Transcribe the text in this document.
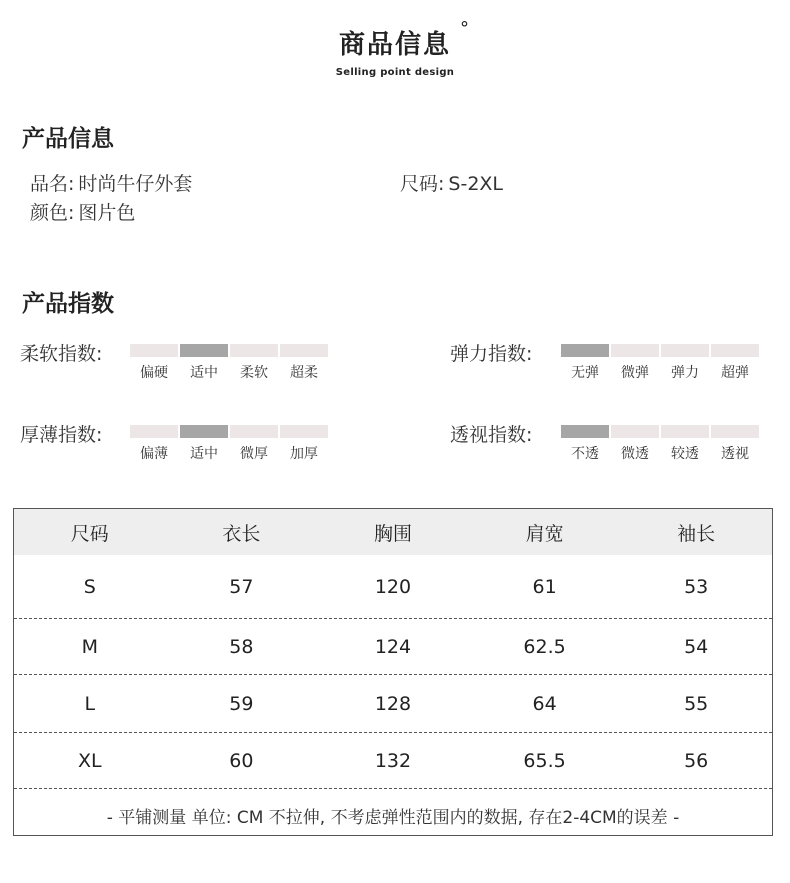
商品信息
°
Selling point design
产品信息
品名: 时尚牛仔外套	尺码: S-2XL
颜色: 图片色
产品指数
柔软指数:
偏硬	适中	柔软	超柔
弹力指数:
无弹	微弹	弹力	超弹
厚薄指数:
偏薄	适中	微厚	加厚
透视指数:
不透	微透	较透	透视
尺码	衣长	胸围	肩宽	袖长
S	57	120	61	53
M	58	124	62.5	54
L	59	128	64	55
XL	60	132	65.5	56
- 平铺测量 单位: CM 不拉伸, 不考虑弹性范围内的数据, 存在2-4CM的误差 -
